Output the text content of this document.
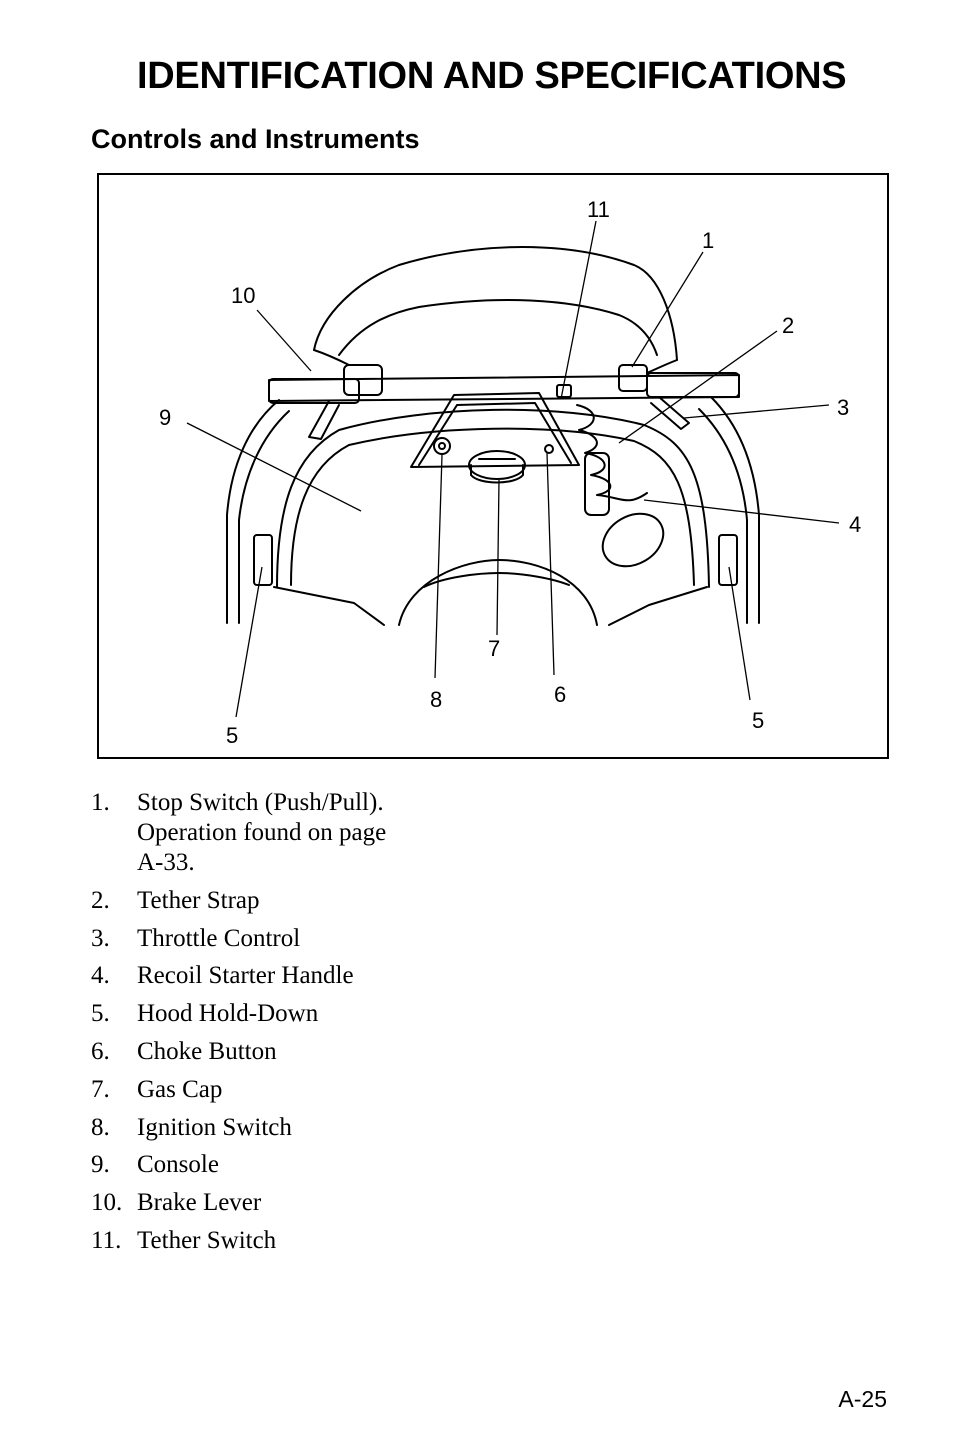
IDENTIFICATION AND SPECIFICATIONS
Controls and Instruments
11
1
10
2
3
9
4
7
6
8
5
5
1. Stop Switch (Push/Pull).
Operation found on page
A‑33.
2. Tether Strap
3. Throttle Control
4. Recoil Starter Handle
5. Hood Hold-Down
6. Choke Button
7. Gas Cap
8. Ignition Switch
9. Console
10. Brake Lever
11. Tether Switch
A‑25
